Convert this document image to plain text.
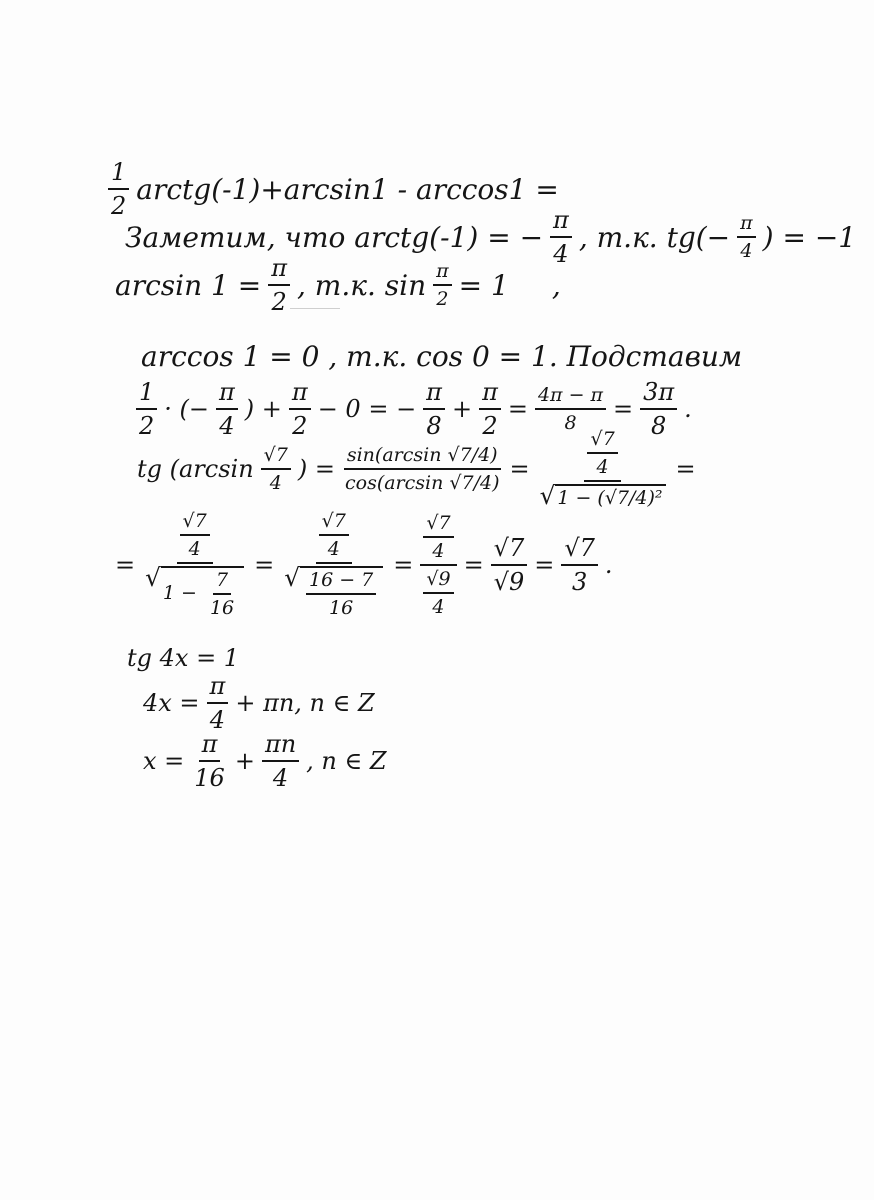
$\frac{1}{2}$ arctg(-1)+arcsin1 - arccos1 =
Заметим, что arctg(-1) = − $\frac{\pi}{4}$ , т.к. $tg(- \frac{\pi}{4}$ ) = −1
$\arcsin 1 = \frac{\pi}{2}$ , т.к. $\sin \frac{\pi}{2} = 1$ ,
arccos 1 = 0 , т.к. cos 0 = 1. Подставим
$\frac{1}{2}$ · (− $\frac{\pi}{4}$ ) + $\frac{\pi}{2} - 0$ = − $\frac{\pi}{8} + \frac{\pi}{2} = \frac{4\pi - \pi}{8} = \frac{3\pi}{8}$ .
tg ($\arcsin \frac{√7}{4}$ ) = $\frac{\sin(\arcsin √7/4)}{\cos(\arcsin √7/4)} = \frac{\frac{√7}{4}}{\text{√ 1 − (√7/4)²}}$ =
=
$\frac{√7}{4}$
√
$1 - \frac{7}{16}$
=
$\frac{√7}{4}$
√ $\frac{16 - 7}{16}$
= $\frac{\frac{√7}{4}}{\frac{√9}{4}} = \frac{√7}{√9} = \frac{√7}{3}$ .
tg 4x = 1
$4x = \frac{\pi}{4} + \pi n$, n ∈ Z
$x = \frac{\pi}{16} + \frac{\pi n}{4}$ , n ∈ Z
